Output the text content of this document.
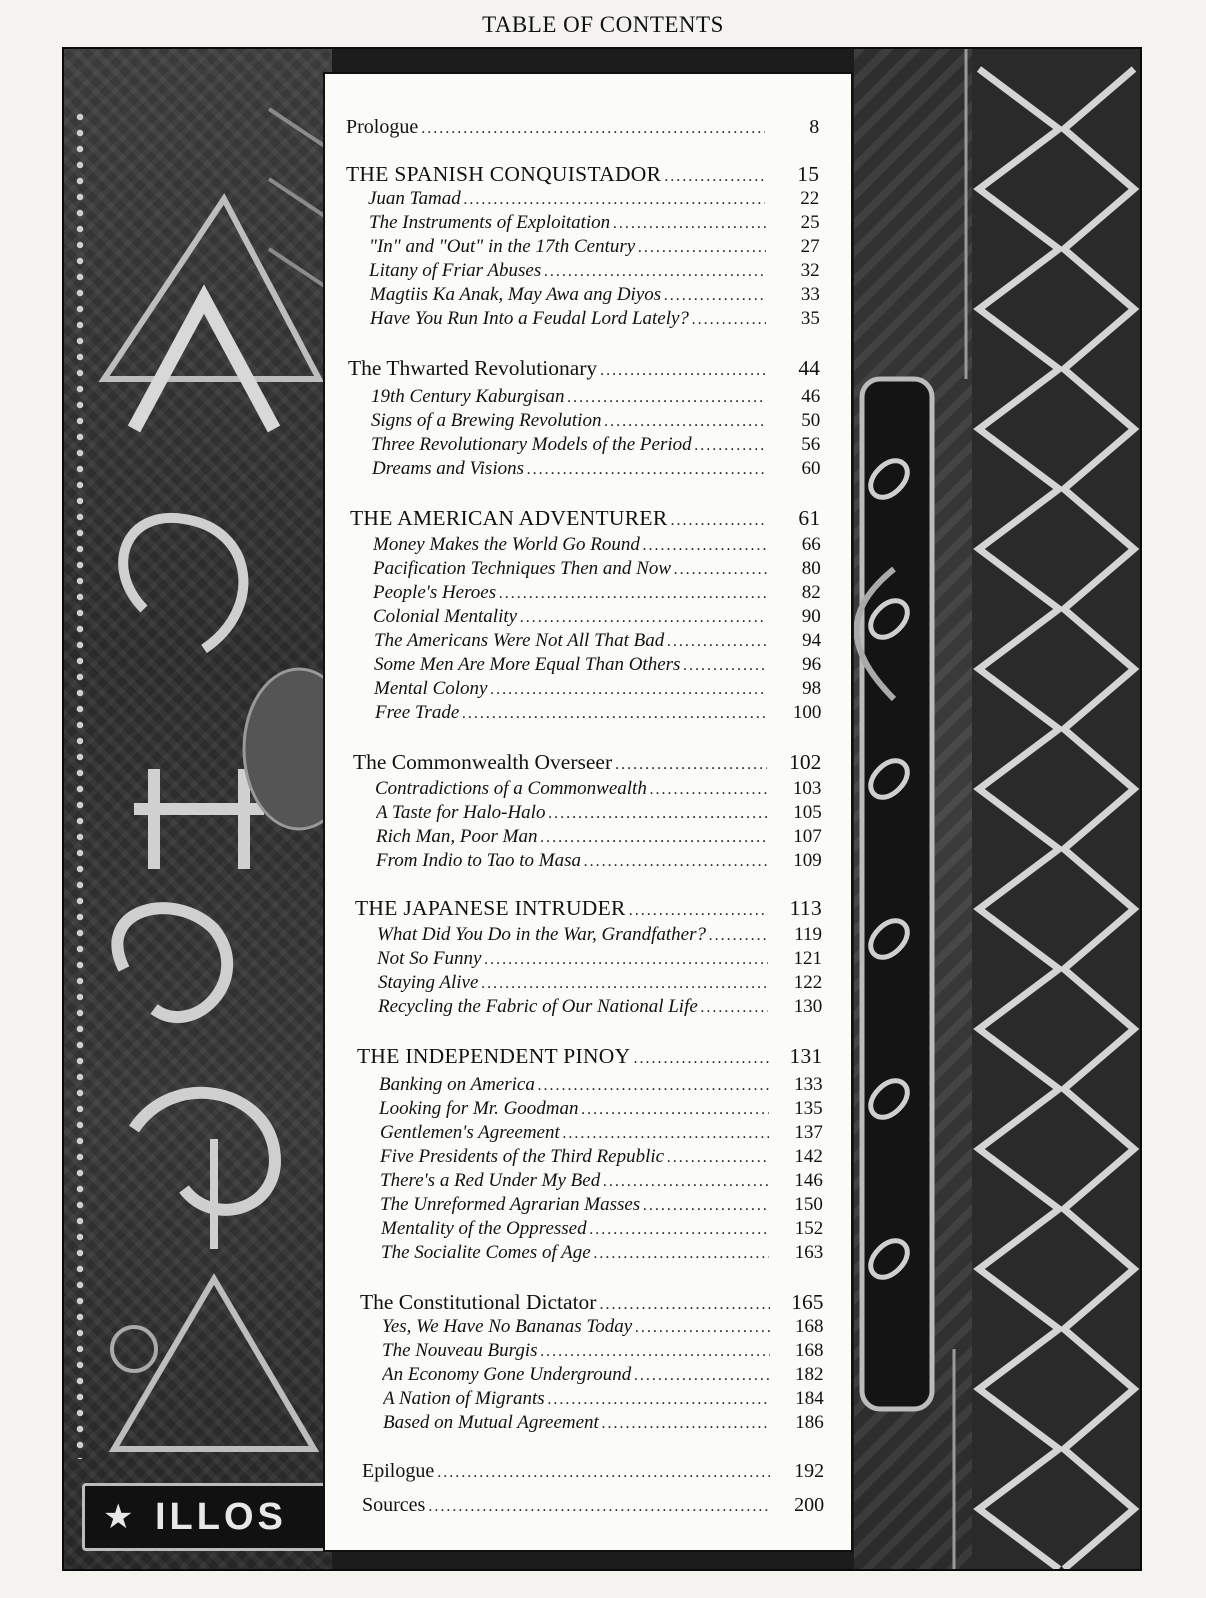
TABLE OF CONTENTS
★ ILLOS
Prologue .....	8
THE SPANISH CONQUISTADOR .....	15
Juan Tamad .....	22
The Instruments of Exploitation .....	25
"In" and "Out" in the 17th Century .....	27
Litany of Friar Abuses .....	32
Magtiis Ka Anak, May Awa ang Diyos .....	33
Have You Run Into a Feudal Lord Lately? .....	35
The Thwarted Revolutionary .....	44
19th Century Kaburgisan .....	46
Signs of a Brewing Revolution .....	50
Three Revolutionary Models of the Period .....	56
Dreams and Visions .....	60
THE AMERICAN ADVENTURER .....	61
Money Makes the World Go Round .....	66
Pacification Techniques Then and Now .....	80
People's Heroes .....	82
Colonial Mentality .....	90
The Americans Were Not All That Bad .....	94
Some Men Are More Equal Than Others .....	96
Mental Colony .....	98
Free Trade .....	100
The Commonwealth Overseer .....	102
Contradictions of a Commonwealth .....	103
A Taste for Halo-Halo .....	105
Rich Man, Poor Man .....	107
From Indio to Tao to Masa .....	109
THE JAPANESE INTRUDER .....	113
What Did You Do in the War, Grandfather? .....	119
Not So Funny .....	121
Staying Alive .....	122
Recycling the Fabric of Our National Life .....	130
THE INDEPENDENT PINOY .....	131
Banking on America .....	133
Looking for Mr. Goodman .....	135
Gentlemen's Agreement .....	137
Five Presidents of the Third Republic .....	142
There's a Red Under My Bed .....	146
The Unreformed Agrarian Masses .....	150
Mentality of the Oppressed .....	152
The Socialite Comes of Age .....	163
The Constitutional Dictator .....	165
Yes, We Have No Bananas Today .....	168
The Nouveau Burgis .....	168
An Economy Gone Underground .....	182
A Nation of Migrants .....	184
Based on Mutual Agreement .....	186
Epilogue .....	192
Sources .....	200
